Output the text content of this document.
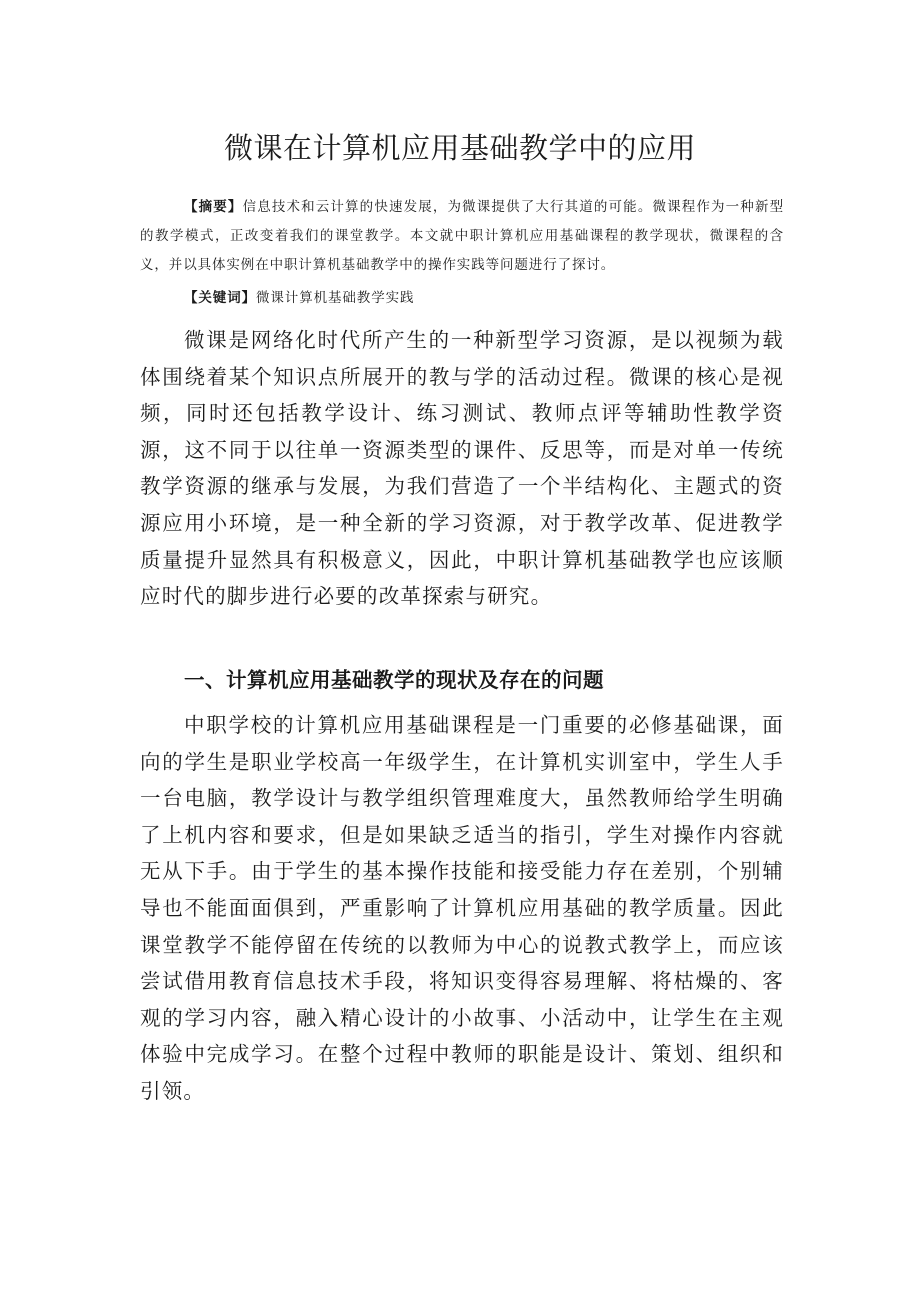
微课在计算机应用基础教学中的应用

【摘要】信息技术和云计算的快速发展，为微课提供了大行其道的可能。微课程作为一种新型的教学模式，正改变着我们的课堂教学。本文就中职计算机应用基础课程的教学现状，微课程的含义，并以具体实例在中职计算机基础教学中的操作实践等问题进行了探讨。

【关键词】微课计算机基础教学实践

微课是网络化时代所产生的一种新型学习资源，是以视频为载体围绕着某个知识点所展开的教与学的活动过程。微课的核心是视频，同时还包括教学设计、练习测试、教师点评等辅助性教学资源，这不同于以往单一资源类型的课件、反思等，而是对单一传统教学资源的继承与发展，为我们营造了一个半结构化、主题式的资源应用小环境，是一种全新的学习资源，对于教学改革、促进教学质量提升显然具有积极意义，因此，中职计算机基础教学也应该顺应时代的脚步进行必要的改革探索与研究。

一、计算机应用基础教学的现状及存在的问题

中职学校的计算机应用基础课程是一门重要的必修基础课，面向的学生是职业学校高一年级学生，在计算机实训室中，学生人手一台电脑，教学设计与教学组织管理难度大，虽然教师给学生明确了上机内容和要求，但是如果缺乏适当的指引，学生对操作内容就无从下手。由于学生的基本操作技能和接受能力存在差别，个别辅导也不能面面俱到，严重影响了计算机应用基础的教学质量。因此课堂教学不能停留在传统的以教师为中心的说教式教学上，而应该尝试借用教育信息技术手段，将知识变得容易理解、将枯燥的、客观的学习内容，融入精心设计的小故事、小活动中，让学生在主观体验中完成学习。在整个过程中教师的职能是设计、策划、组织和引领。
